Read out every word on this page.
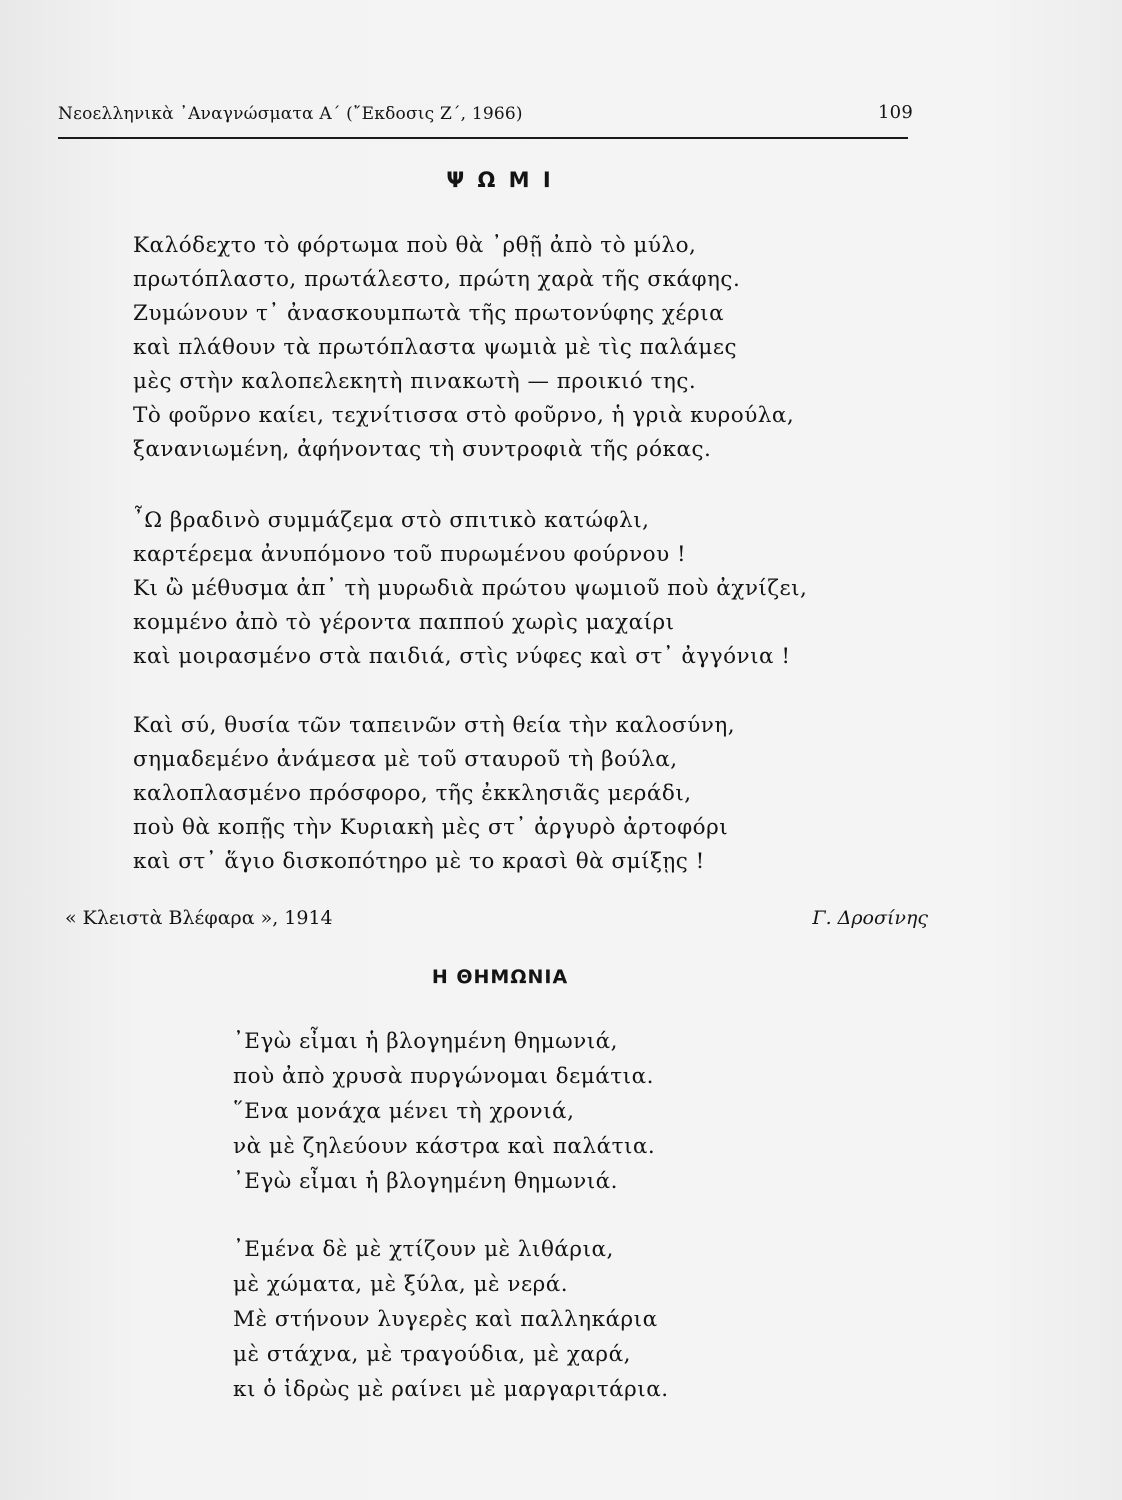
Νεοελληνικὰ ᾿Αναγνώσματα Α΄ (῎Εκδοσις Ζ΄, 1966)	109
Ψ Ω Μ Ι
Καλόδεχτο τὸ φόρτωμα ποὺ θὰ ᾿ρθῇ ἀπὸ τὸ μύλο,
πρωτόπλαστο, πρωτάλεστο, πρώτη χαρὰ τῆς σκάφης.
Ζυμώνουν τ᾿ ἀνασκουμπωτὰ τῆς πρωτονύφης χέρια
καὶ πλάθουν τὰ πρωτόπλαστα ψωμιὰ μὲ τὶς παλάμες
μὲς στὴν καλοπελεκητὴ πινακωτὴ — προικιό της.
Τὸ φοῦρνο καίει, τεχνίτισσα στὸ φοῦρνο, ἡ γριὰ κυρούλα,
ξανανιωμένη, ἀφήνοντας τὴ συντροφιὰ τῆς ρόκας.
῏Ω βραδινὸ συμμάζεμα στὸ σπιτικὸ κατώφλι,
καρτέρεμα ἀνυπόμονο τοῦ πυρωμένου φούρνου !
Κι ὢ μέθυσμα ἀπ᾿ τὴ μυρωδιὰ πρώτου ψωμιοῦ ποὺ ἀχνίζει,
κομμένο ἀπὸ τὸ γέροντα παππού χωρὶς μαχαίρι
καὶ μοιρασμένο στὰ παιδιά, στὶς νύφες καὶ στ᾿ ἀγγόνια !
Καὶ σύ, θυσία τῶν ταπεινῶν στὴ θεία τὴν καλοσύνη,
σημαδεμένο ἀνάμεσα μὲ τοῦ σταυροῦ τὴ βούλα,
καλοπλασμένο πρόσφορο, τῆς ἐκκλησιᾶς μεράδι,
ποὺ θὰ κοπῇς τὴν Κυριακὴ μὲς στ᾿ ἀργυρὸ ἀρτοφόρι
καὶ στ᾿ ἅγιο δισκοπότηρο μὲ το κρασὶ θὰ σμίξῃς !
« Κλειστὰ Βλέφαρα », 1914	Γ. Δροσίνης
Η ΘΗΜΩΝΙΑ
᾿Εγὼ εἶμαι ἡ βλογημένη θημωνιά,
ποὺ ἀπὸ χρυσὰ πυργώνομαι δεμάτια.
῞Ενα μονάχα μένει τὴ χρονιά,
νὰ μὲ ζηλεύουν κάστρα καὶ παλάτια.
᾿Εγὼ εἶμαι ἡ βλογημένη θημωνιά.
᾿Εμένα δὲ μὲ χτίζουν μὲ λιθάρια,
μὲ χώματα, μὲ ξύλα, μὲ νερά.
Μὲ στήνουν λυγερὲς καὶ παλληκάρια
μὲ στάχνα, μὲ τραγούδια, μὲ χαρά,
κι ὁ ἱδρὼς μὲ ραίνει μὲ μαργαριτάρια.
